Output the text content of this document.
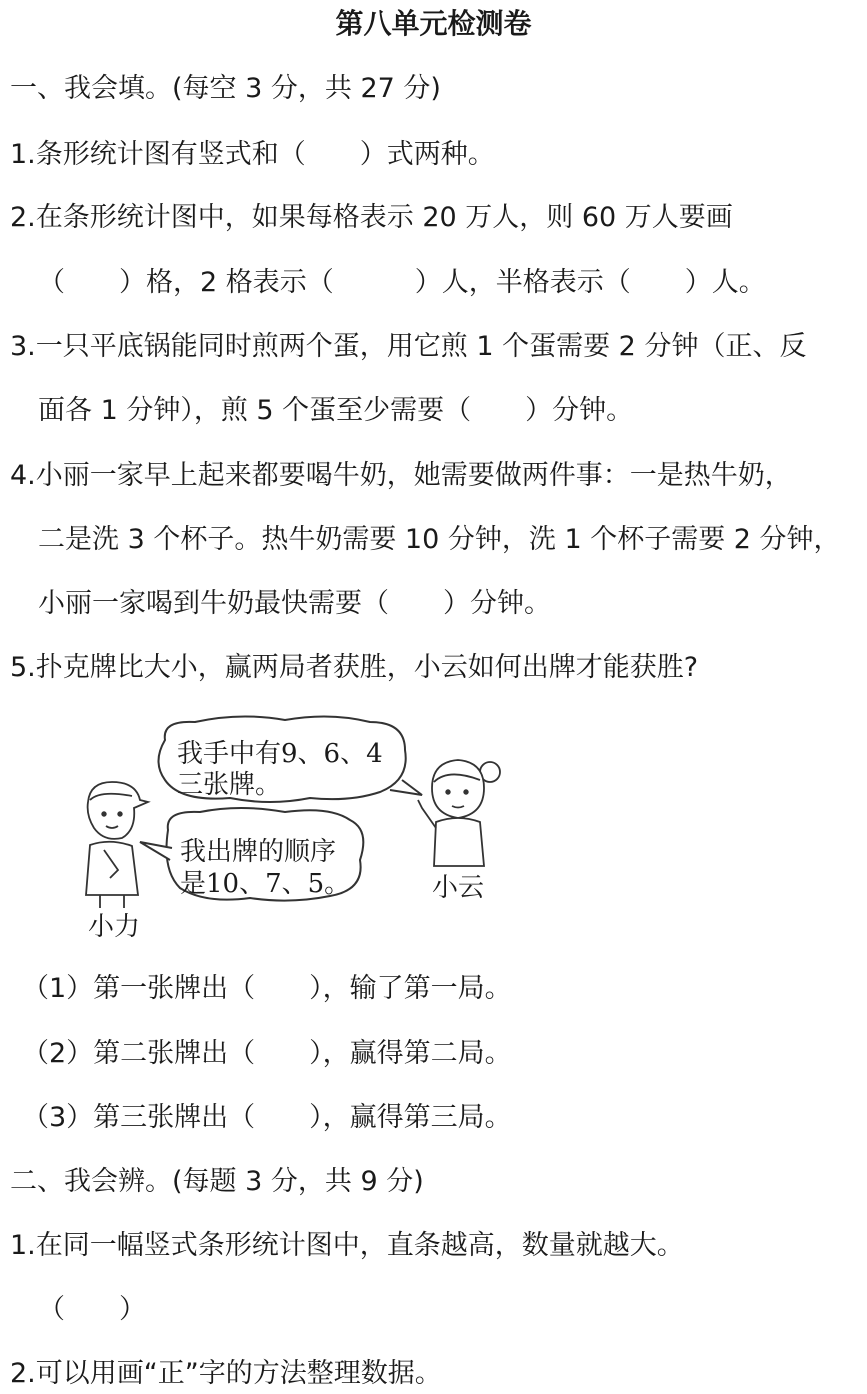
第八单元检测卷
一、我会填。(每空 3 分，共 27 分)
1.条形统计图有竖式和（　　）式两种。
2.在条形统计图中，如果每格表示 20 万人，则 60 万人要画
（　　）格，2 格表示（　　　）人，半格表示（　　）人。
3.一只平底锅能同时煎两个蛋，用它煎 1 个蛋需要 2 分钟（正、反
面各 1 分钟），煎 5 个蛋至少需要（　　）分钟。
4.小丽一家早上起来都要喝牛奶，她需要做两件事：一是热牛奶，
二是洗 3 个杯子。热牛奶需要 10 分钟，洗 1 个杯子需要 2 分钟，
小丽一家喝到牛奶最快需要（　　）分钟。
5.扑克牌比大小，赢两局者获胜，小云如何出牌才能获胜?
我手中有9、6、4
三张牌。
我出牌的顺序
是10、7、5。
小力
小云
（1）第一张牌出（　　），输了第一局。
（2）第二张牌出（　　），赢得第二局。
（3）第三张牌出（　　），赢得第三局。
二、我会辨。(每题 3 分，共 9 分)
1.在同一幅竖式条形统计图中，直条越高，数量就越大。
（　　）
2.可以用画“正”字的方法整理数据。
